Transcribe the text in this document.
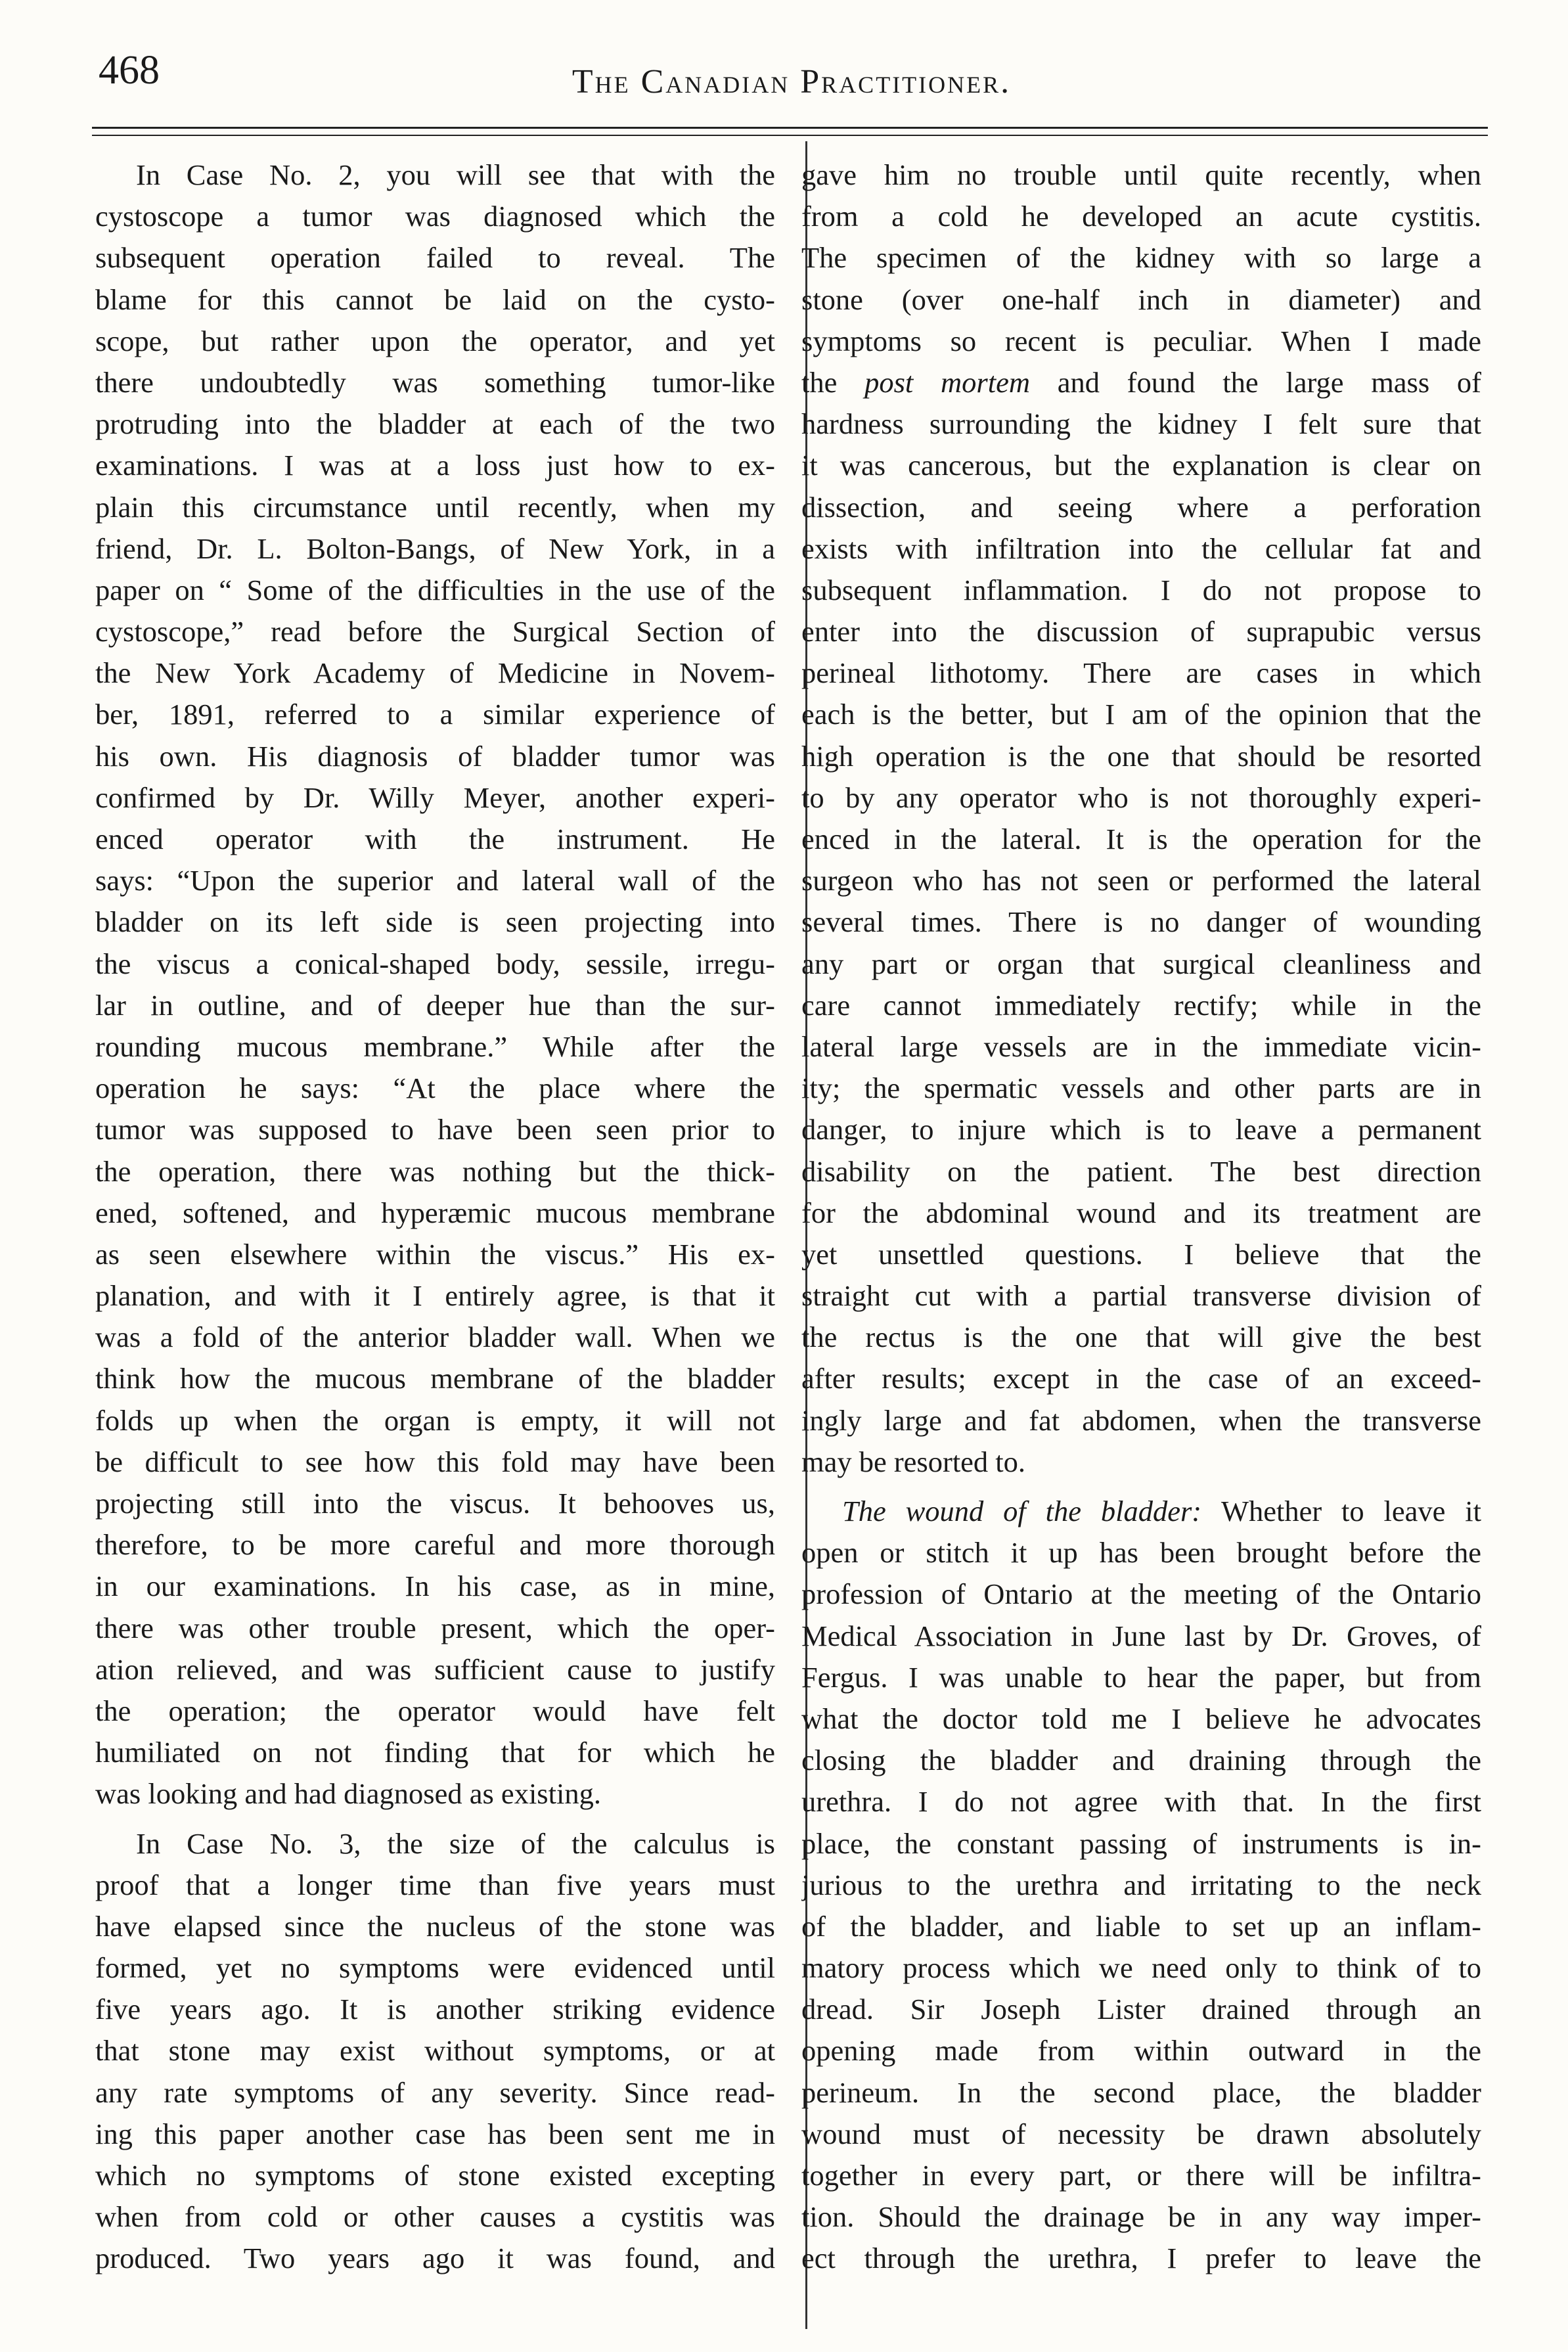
468	The Canadian Practitioner.
In Case No. 2, you will see that with the
cystoscope a tumor was diagnosed which the
subsequent operation failed to reveal. The
blame for this cannot be laid on the cysto-
scope, but rather upon the operator, and yet
there undoubtedly was something tumor-like
protruding into the bladder at each of the two
examinations. I was at a loss just how to ex-
plain this circumstance until recently, when my
friend, Dr. L. Bolton-Bangs, of New York, in a
paper on “ Some of the difficulties in the use of the
cystoscope,” read before the Surgical Section of
the New York Academy of Medicine in Novem-
ber, 1891, referred to a similar experience of
his own. His diagnosis of bladder tumor was
confirmed by Dr. Willy Meyer, another experi-
enced operator with the instrument. He
says: “Upon the superior and lateral wall of the
bladder on its left side is seen projecting into
the viscus a conical-shaped body, sessile, irregu-
lar in outline, and of deeper hue than the sur-
rounding mucous membrane.” While after the
operation he says: “At the place where the
tumor was supposed to have been seen prior to
the operation, there was nothing but the thick-
ened, softened, and hyperæmic mucous membrane
as seen elsewhere within the viscus.” His ex-
planation, and with it I entirely agree, is that it
was a fold of the anterior bladder wall. When we
think how the mucous membrane of the bladder
folds up when the organ is empty, it will not
be difficult to see how this fold may have been
projecting still into the viscus. It behooves us,
therefore, to be more careful and more thorough
in our examinations. In his case, as in mine,
there was other trouble present, which the oper-
ation relieved, and was sufficient cause to justify
the operation; the operator would have felt
humiliated on not finding that for which he
was looking and had diagnosed as existing.
In Case No. 3, the size of the calculus is
proof that a longer time than five years must
have elapsed since the nucleus of the stone was
formed, yet no symptoms were evidenced until
five years ago. It is another striking evidence
that stone may exist without symptoms, or at
any rate symptoms of any severity. Since read-
ing this paper another case has been sent me in
which no symptoms of stone existed excepting
when from cold or other causes a cystitis was
produced. Two years ago it was found, and
gave him no trouble until quite recently, when
from a cold he developed an acute cystitis.
The specimen of the kidney with so large a
stone (over one-half inch in diameter) and
symptoms so recent is peculiar. When I made
the post mortem and found the large mass of
hardness surrounding the kidney I felt sure that
it was cancerous, but the explanation is clear on
dissection, and seeing where a perforation
exists with infiltration into the cellular fat and
subsequent inflammation. I do not propose to
enter into the discussion of suprapubic versus
perineal lithotomy. There are cases in which
each is the better, but I am of the opinion that the
high operation is the one that should be resorted
to by any operator who is not thoroughly experi-
enced in the lateral. It is the operation for the
surgeon who has not seen or performed the lateral
several times. There is no danger of wounding
any part or organ that surgical cleanliness and
care cannot immediately rectify; while in the
lateral large vessels are in the immediate vicin-
ity; the spermatic vessels and other parts are in
danger, to injure which is to leave a permanent
disability on the patient. The best direction
for the abdominal wound and its treatment are
yet unsettled questions. I believe that the
straight cut with a partial transverse division of
the rectus is the one that will give the best
after results; except in the case of an exceed-
ingly large and fat abdomen, when the transverse
may be resorted to.
The wound of the bladder: Whether to leave it
open or stitch it up has been brought before the
profession of Ontario at the meeting of the Ontario
Medical Association in June last by Dr. Groves, of
Fergus. I was unable to hear the paper, but from
what the doctor told me I believe he advocates
closing the bladder and draining through the
urethra. I do not agree with that. In the first
place, the constant passing of instruments is in-
jurious to the urethra and irritating to the neck
of the bladder, and liable to set up an inflam-
matory process which we need only to think of to
dread. Sir Joseph Lister drained through an
opening made from within outward in the
perineum. In the second place, the bladder
wound must of necessity be drawn absolutely
together in every part, or there will be infiltra-
tion. Should the drainage be in any way imper-
ect through the urethra, I prefer to leave the
